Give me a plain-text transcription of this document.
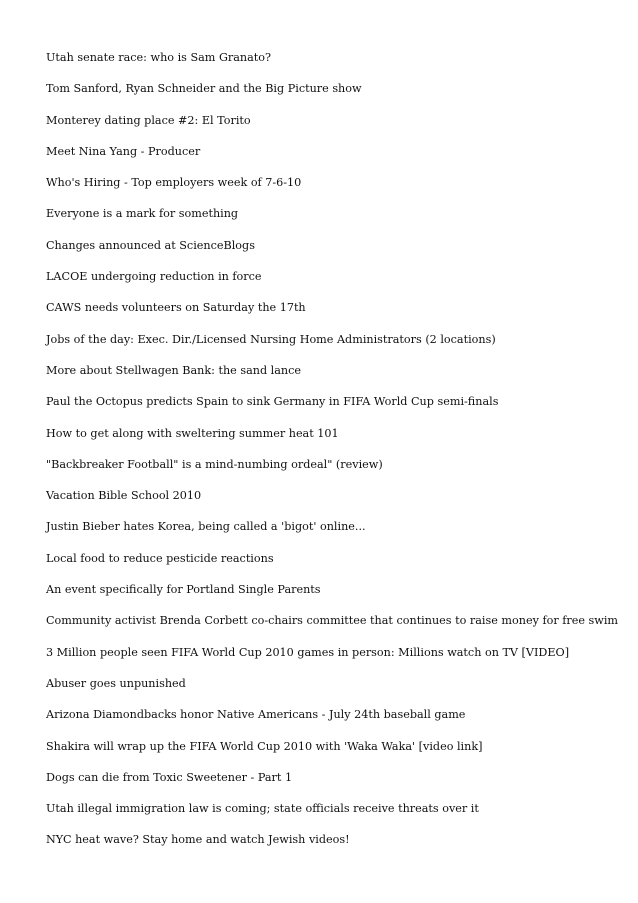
Utah senate race: who is Sam Granato?
Tom Sanford, Ryan Schneider and the Big Picture show
Monterey dating place #2: El Torito
Meet Nina Yang - Producer
Who's Hiring - Top employers week of 7-6-10
Everyone is a mark for something
Changes announced at ScienceBlogs
LACOE undergoing reduction in force
CAWS needs volunteers on Saturday the 17th
Jobs of the day: Exec. Dir./Licensed Nursing Home Administrators (2 locations)
More about Stellwagen Bank: the sand lance
Paul the Octopus predicts Spain to sink Germany in FIFA World Cup semi-finals
How to get along with sweltering summer heat 101
"Backbreaker Football" is a mind-numbing ordeal" (review)
Vacation Bible School 2010
Justin Bieber hates Korea, being called a 'bigot' online...
Local food to reduce pesticide reactions
An event specifically for Portland Single Parents
Community activist Brenda Corbett co-chairs committee that continues to raise money for free swim
3 Million people seen FIFA World Cup 2010 games in person: Millions watch on TV [VIDEO]
Abuser goes unpunished
Arizona Diamondbacks honor Native Americans - July 24th baseball game
Shakira will wrap up the FIFA World Cup 2010 with 'Waka Waka' [video link]
Dogs can die from Toxic Sweetener - Part 1
Utah illegal immigration law is coming; state officials receive threats over it
NYC heat wave? Stay home and watch Jewish videos!
